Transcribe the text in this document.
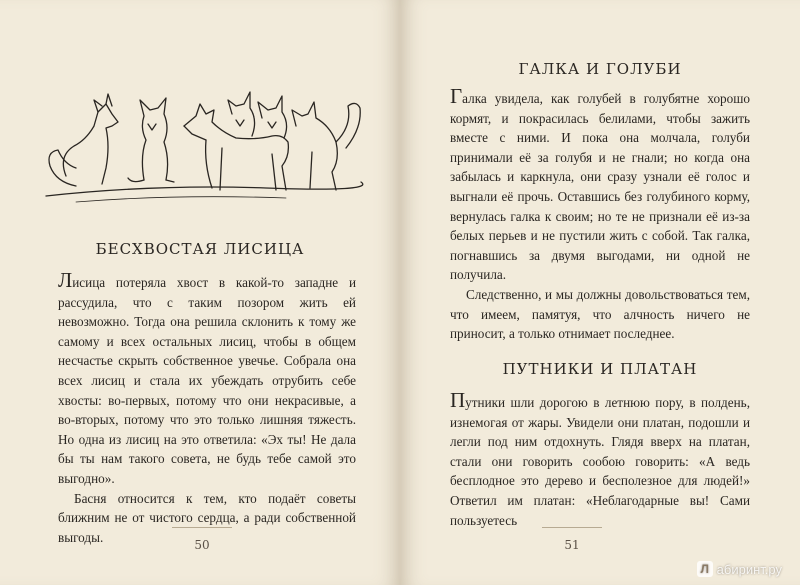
БЕСХВОСТАЯ ЛИСИЦА

Лисица потеряла хвост в какой-то западне и рассудила, что с таким позором жить ей невозможно. Тогда она решила склонить к тому же самому и всех остальных лисиц, чтобы в общем несчастье скрыть собственное увечье. Собрала она всех лисиц и стала их убеждать отрубить себе хвосты: во-первых, потому что они некрасивые, а во-вторых, потому что это только лишняя тяжесть. Но одна из лисиц на это ответила: «Эх ты! Не дала бы ты нам такого совета, не будь тебе самой это выгодно».

Басня относится к тем, кто подаёт советы ближним не от чистого сердца, а ради собственной выгоды.

50
ГАЛКА И ГОЛУБИ

Галка увидела, как голубей в голубятне хорошо кормят, и покрасилась белилами, чтобы зажить вместе с ними. И пока она молчала, голуби принимали её за голубя и не гнали; но когда она забылась и каркнула, они сразу узнали её голос и выгнали её прочь. Оставшись без голубиного корму, вернулась галка к своим; но те не признали её из-за белых перьев и не пустили жить с собой. Так галка, погнавшись за двумя выгодами, ни одной не получила.

Следственно, и мы должны довольствоваться тем, что имеем, памятуя, что алчность ничего не приносит, а только отнимает последнее.

ПУТНИКИ И ПЛАТАН

Путники шли дорогою в летнюю пору, в полдень, изнемогая от жары. Увидели они платан, подошли и легли под ним отдохнуть. Глядя вверх на платан, стали они говорить сообою говорить: «А ведь бесплодное это дерево и бесполезное для людей!» Ответил им платан: «Неблагодарные вы! Сами пользуетесь

51
Л абиринт.ру
